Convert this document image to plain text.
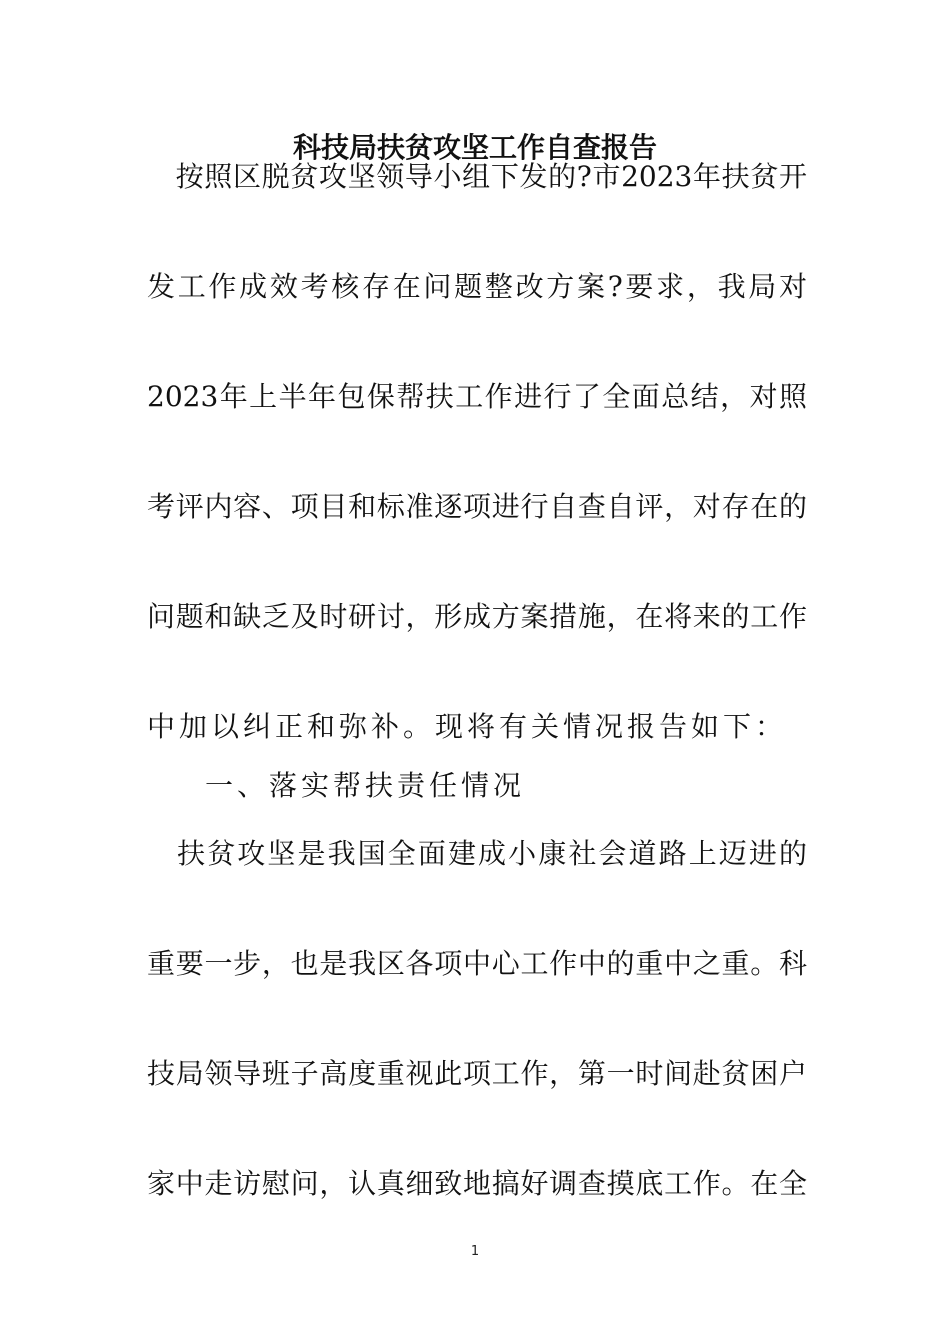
科技局扶贫攻坚工作自查报告
　按照区脱贫攻坚领导小组下发的?市2023年扶贫开
发工作成效考核存在问题整改方案?要求，我局对
2023年上半年包保帮扶工作进行了全面总结，对照
考评内容、项目和标准逐项进行自查自评，对存在的
问题和缺乏及时研讨，形成方案措施，在将来的工作
中加以纠正和弥补。现将有关情况报告如下：
一、落实帮扶责任情况
　扶贫攻坚是我国全面建成小康社会道路上迈进的
重要一步，也是我区各项中心工作中的重中之重。科
技局领导班子高度重视此项工作，第一时间赴贫困户
家中走访慰问，认真细致地搞好调查摸底工作。在全
1
